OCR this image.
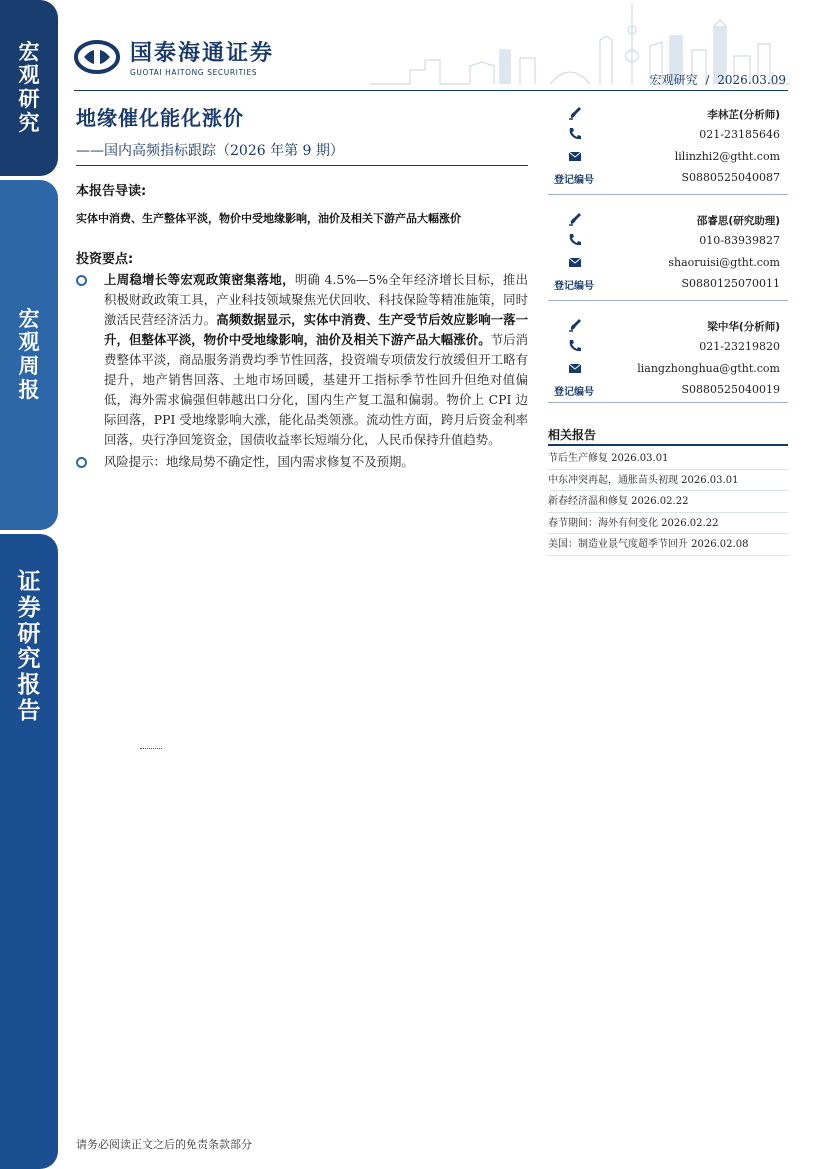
宏
观
研
究
宏
观
周
报
证
券
研
究
报
告
国泰海通证券
GUOTAI HAITONG SECURITIES
宏观研究 / 2026.03.09
地缘催化能化涨价
——国内高频指标跟踪（2026 年第 9 期）
本报告导读:
实体中消费、生产整体平淡，物价中受地缘影响，油价及相关下游产品大幅涨价
投资要点:
上周稳增长等宏观政策密集落地，明确 4.5%—5%全年经济增长目标，推出积极财政政策工具，产业科技领域聚焦光伏回收、科技保险等精准施策，同时激活民营经济活力。高频数据显示，实体中消费、生产受节后效应影响一落一升，但整体平淡，物价中受地缘影响，油价及相关下游产品大幅涨价。节后消费整体平淡，商品服务消费均季节性回落，投资端专项债发行放缓但开工略有提升，地产销售回落、土地市场回暖，基建开工指标季节性回升但绝对值偏低，海外需求偏强但韩越出口分化，国内生产复工温和偏弱。物价上 CPI 边际回落，PPI 受地缘影响大涨，能化品类领涨。流动性方面，跨月后资金利率回落，央行净回笼资金，国债收益率长短端分化，人民币保持升值趋势。
风险提示：地缘局势不确定性，国内需求修复不及预期。
李林芷(分析师)
021-23185646
lilinzhi2@gtht.com
登记编号	S0880525040087
邵睿思(研究助理)
010-83939827
shaoruisi@gtht.com
登记编号	S0880125070011
梁中华(分析师)
021-23219820
liangzhonghua@gtht.com
登记编号	S0880525040019
相关报告
节后生产修复 2026.03.01
中东冲突再起，通胀苗头初现 2026.03.01
新春经济温和修复 2026.02.22
春节期间：海外有何变化 2026.02.22
美国：制造业景气度超季节回升 2026.02.08
请务必阅读正文之后的免责条款部分
